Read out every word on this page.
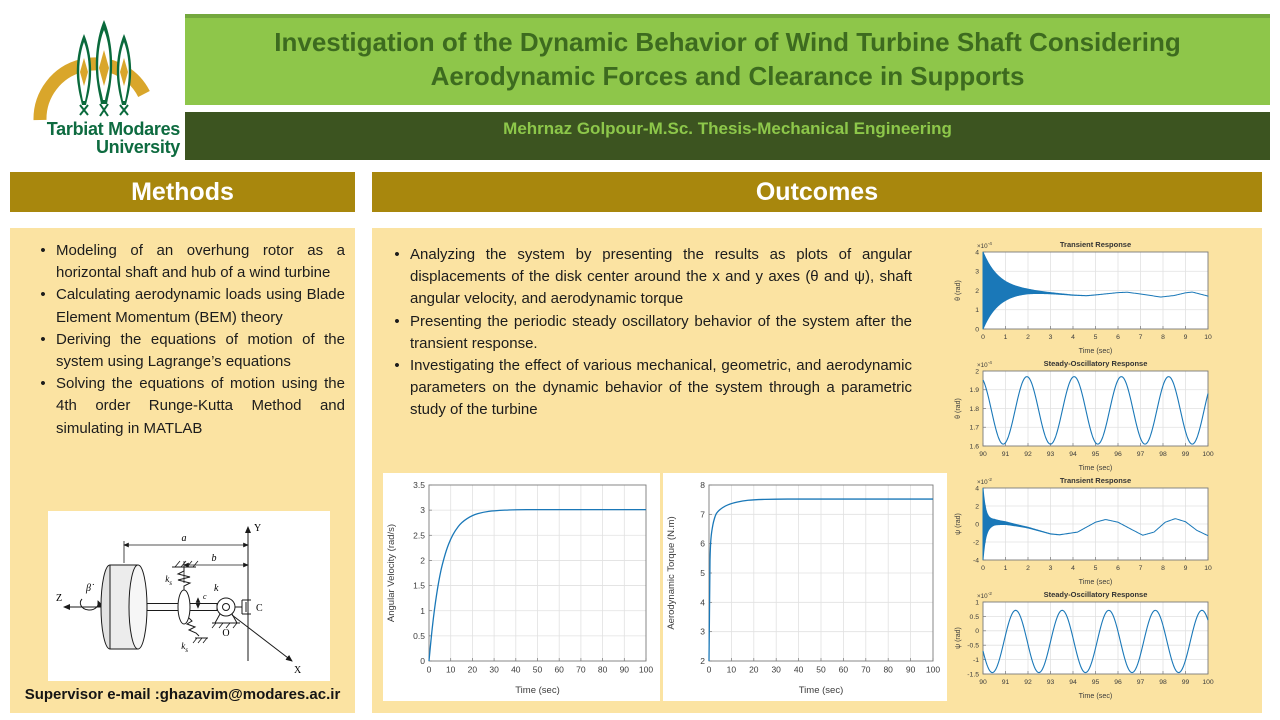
Tarbiat Modares
University
Investigation of the Dynamic Behavior of Wind Turbine Shaft Considering Aerodynamic Forces and Clearance in Supports
Mehrnaz Golpour-M.Sc. Thesis-Mechanical Engineering
Methods	Outcomes
• Modeling of an overhung rotor as a horizontal shaft and hub of a wind turbine
• Calculating aerodynamic loads using Blade Element Momentum (BEM) theory
• Deriving the equations of motion of the system using Lagrange’s equations
• Solving the equations of motion using the 4th order Runge-Kutta Method and simulating in MATLAB
Y
a
b
Z
β̇
$k_s$
c
$k_s$
O
k
C
X
Supervisor e-mail :ghazavim@modares.ac.ir
• Analyzing the system by presenting the results as plots of angular displacements of the disk center around the x and y axes (θ and ψ), shaft angular velocity, and aerodynamic torque
• Presenting the periodic steady oscillatory behavior of the system after the transient response.
• Investigating the effect of various mechanical, geometric, and aerodynamic parameters on the dynamic behavior of the system through a parametric study of the turbine
0 10 20 30 40 50 60 70 80 90 100
0
0.5
1
1.5
2
2.5
3
3.5
Time (sec)
Angular Velocity (rad/s)
0 10 20 30 40 50 60 70 80 90 100
2
3
4
5
6
7
8
Time (sec)
Aerodynamic Torque (N.m)
0	1	2	3	4	5	6	7	8	9 10
0
1
2
3
4
Transient Response
$\times 10^{-4}$
Time (sec)
θ (rad)
90 91 92 93 94 95 96 97 98 99 100
1.6
1.7
1.8
1.9
2
Steady-Oscillatory Response
$\times 10^{-4}$
Time (sec)
θ (rad)
0	1	2	3	4	5	6	7	8	9 10
-4
-2
0
2
4
Transient Response
$\times 10^{-2}$
Time (sec)
ψ (rad)
90 91 92 93 94 95 96 97 98 99 100
-1.5
-1
-0.5
0
0.5
1
Steady-Oscillatory Response
$\times 10^{-2}$
Time (sec)
ψ (rad)
